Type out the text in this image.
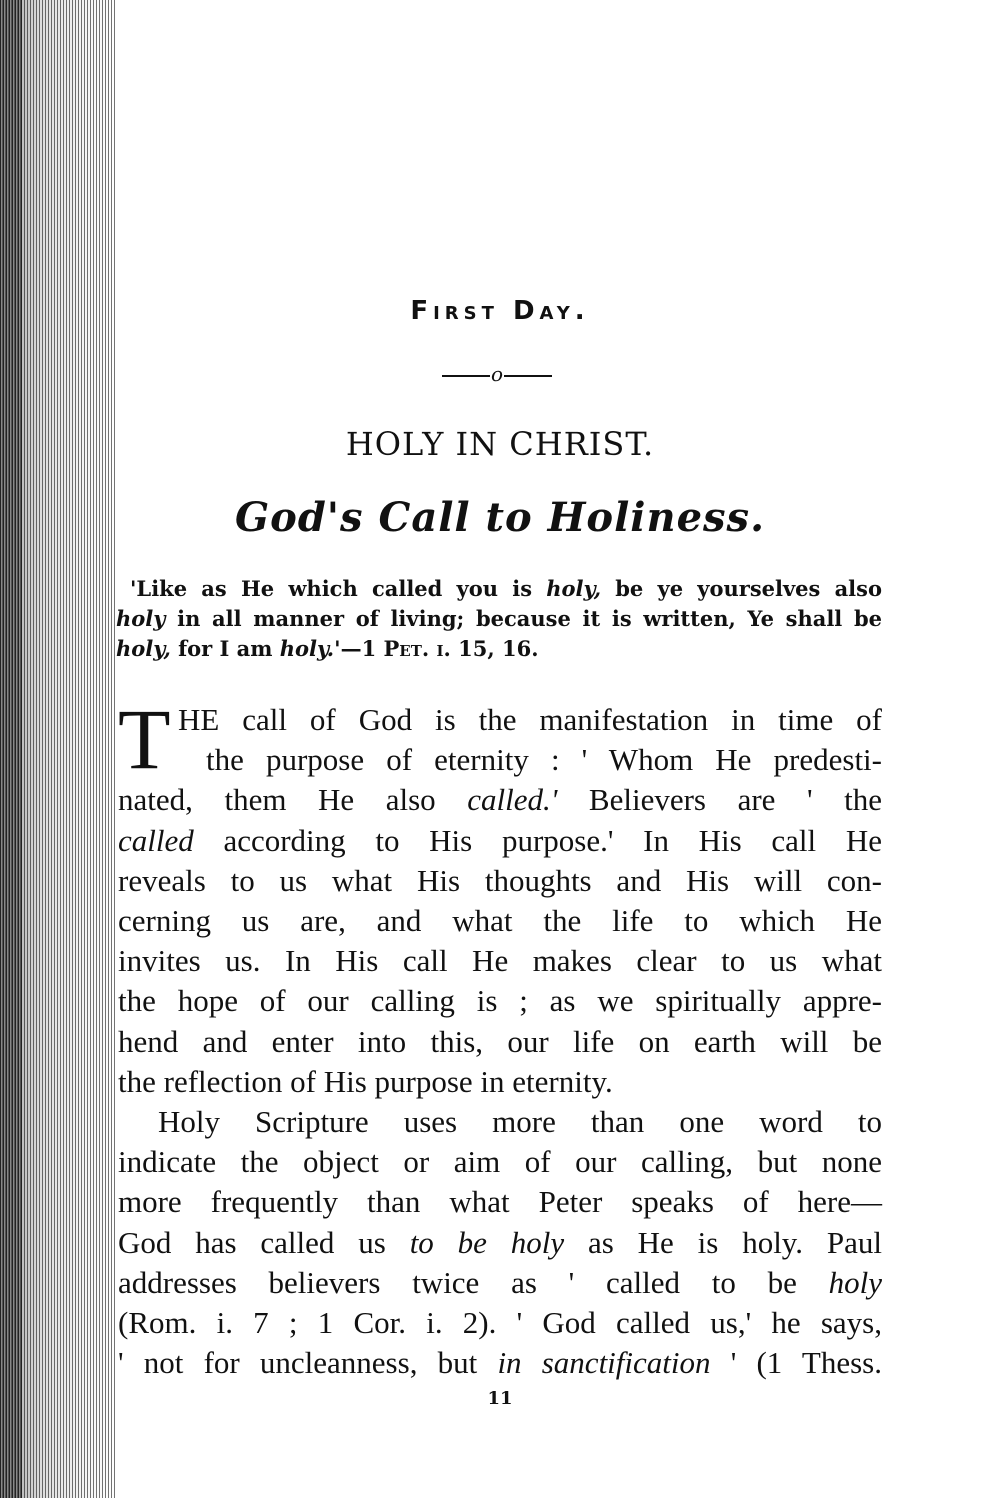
First Day.
o
HOLY IN CHRIST.
God's Call to Holiness.
'Like as He which called you is holy, be ye yourselves also
holy in all manner of living; because it is written, Ye shall be
holy, for I am holy.'—1 Pet. i. 15, 16.
T HE call of God is the manifestation in time of
the purpose of eternity : ' Whom He predesti-
nated, them He also called.' Believers are ' the
called according to His purpose.' In His call He
reveals to us what His thoughts and His will con-
cerning us are, and what the life to which He
invites us. In His call He makes clear to us what
the hope of our calling is ; as we spiritually appre-
hend and enter into this, our life on earth will be
the reflection of His purpose in eternity.
Holy Scripture uses more than one word to
indicate the object or aim of our calling, but none
more frequently than what Peter speaks of here—
God has called us to be holy as He is holy. Paul
addresses believers twice as ' called to be holy
(Rom. i. 7 ; 1 Cor. i. 2). ' God called us,' he says,
' not for uncleanness, but in sanctification ' (1 Thess.
11
